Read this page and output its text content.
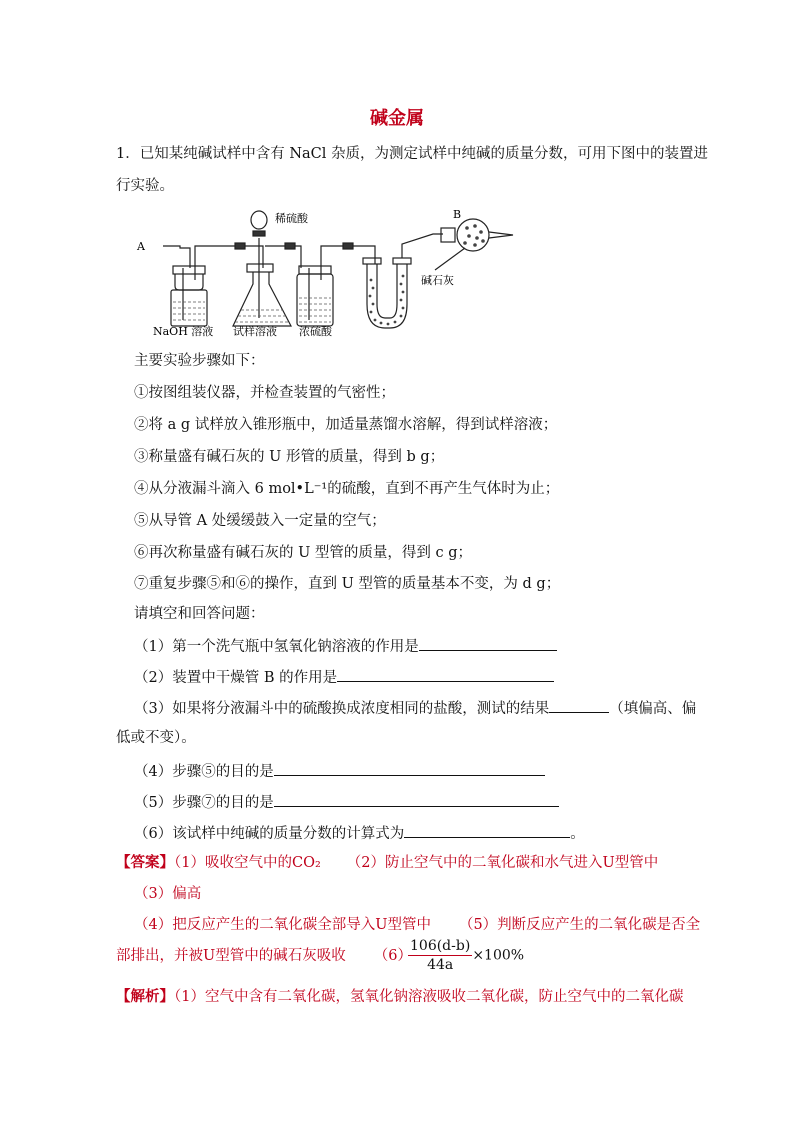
碱金属
1．已知某纯碱试样中含有 NaCl 杂质，为测定试样中纯碱的质量分数，可用下图中的装置进
行实验。
A
B
稀硫酸
碱石灰
NaOH 溶液 试样溶液 浓硫酸
主要实验步骤如下：
①按图组装仪器，并检查装置的气密性；
②将 a g 试样放入锥形瓶中，加适量蒸馏水溶解，得到试样溶液；
③称量盛有碱石灰的 U 形管的质量，得到 b g；
④从分液漏斗滴入 6 mol•L⁻¹的硫酸，直到不再产生气体时为止；
⑤从导管 A 处缓缓鼓入一定量的空气；
⑥再次称量盛有碱石灰的 U 型管的质量，得到 c g；
⑦重复步骤⑤和⑥的操作，直到 U 型管的质量基本不变，为 d g；
请填空和回答问题：
（1）第一个洗气瓶中氢氧化钠溶液的作用是
（2）装置中干燥管 B 的作用是
（3）如果将分液漏斗中的硫酸换成浓度相同的盐酸，测试的结果	（填偏高、偏
低或不变）。
（4）步骤⑤的目的是
（5）步骤⑦的目的是
（6）该试样中纯碱的质量分数的计算式为	。
【答案】（1）吸收空气中的CO₂ （2）防止空气中的二氧化碳和水气进入U型管中
（3）偏高
（4）把反应产生的二氧化碳全部导入U型管中 （5）判断反应产生的二氧化碳是否全
部排出，并被U型管中的碱石灰吸收 （6）
$\frac{106(d-b)}{44a} \times 100\%$
【解析】（1）空气中含有二氧化碳，氢氧化钠溶液吸收二氧化碳，防止空气中的二氧化碳
